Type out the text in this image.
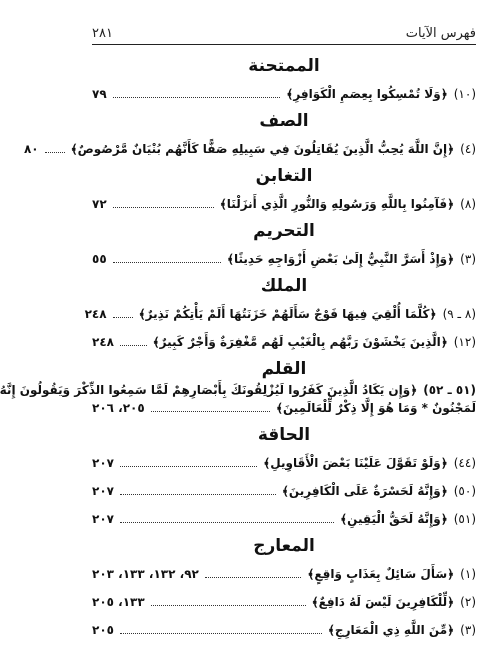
فهرس الآيات
٢٨١
الممتحنة
(١٠)
﴿وَلَا تُمْسِكُوا بِعِصَمِ الْكَوَافِرِ﴾
٧٩
الصف
(٤)
﴿إِنَّ اللَّهَ يُحِبُّ الَّذِينَ يُقَاتِلُونَ فِي سَبِيلِهِ صَفًّا كَأَنَّهُم بُنْيَانٌ مَّرْصُوصٌ﴾
٨٠
التغابن
(٨)
﴿فَآمِنُوا بِاللَّهِ وَرَسُولِهِ وَالنُّورِ الَّذِي أَنزَلْنَا﴾
٧٢
التحريم
(٣)
﴿وَإِذْ أَسَرَّ النَّبِيُّ إِلَىٰ بَعْضِ أَزْوَاجِهِ حَدِيثًا﴾
٥٥
الملك
(٨ ـ ٩)
﴿كُلَّمَا أُلْقِيَ فِيهَا فَوْجٌ سَأَلَهُمْ خَزَنَتُهَا أَلَمْ يَأْتِكُمْ نَذِيرٌ﴾
٢٤٨
(١٢)
﴿الَّذِينَ يَخْشَوْنَ رَبَّهُم بِالْغَيْبِ لَهُم مَّغْفِرَةٌ وَأَجْرٌ كَبِيرٌ﴾
٢٤٨
القلم
(٥١ ـ ٥٢)﴿وَإِن يَكَادُ الَّذِينَ كَفَرُوا لَيُزْلِقُونَكَ بِأَبْصَارِهِمْ لَمَّا سَمِعُوا الذِّكْرَ وَيَقُولُونَ إِنَّهُ
لَمَجْنُونٌ * وَمَا هُوَ إِلَّا ذِكْرٌ لِّلْعَالَمِينَ﴾
٢٠٥، ٢٠٦
الحاقة
(٤٤)
﴿وَلَوْ تَقَوَّلَ عَلَيْنَا بَعْضَ الْأَقَاوِيلِ﴾
٢٠٧
(٥٠)
﴿وَإِنَّهُ لَحَسْرَةٌ عَلَى الْكَافِرِينَ﴾
٢٠٧
(٥١)
﴿وَإِنَّهُ لَحَقُّ الْيَقِينِ﴾
٢٠٧
المعارج
(١)
﴿سَأَلَ سَائِلٌ بِعَذَابٍ وَاقِعٍ﴾
٩٢، ١٣٢، ١٣٣، ٢٠٣
(٢)
﴿لِّلْكَافِرِينَ لَيْسَ لَهُ دَافِعٌ﴾
١٣٣، ٢٠٥
(٣)
﴿مِّنَ اللَّهِ ذِي الْمَعَارِجِ﴾
٢٠٥
